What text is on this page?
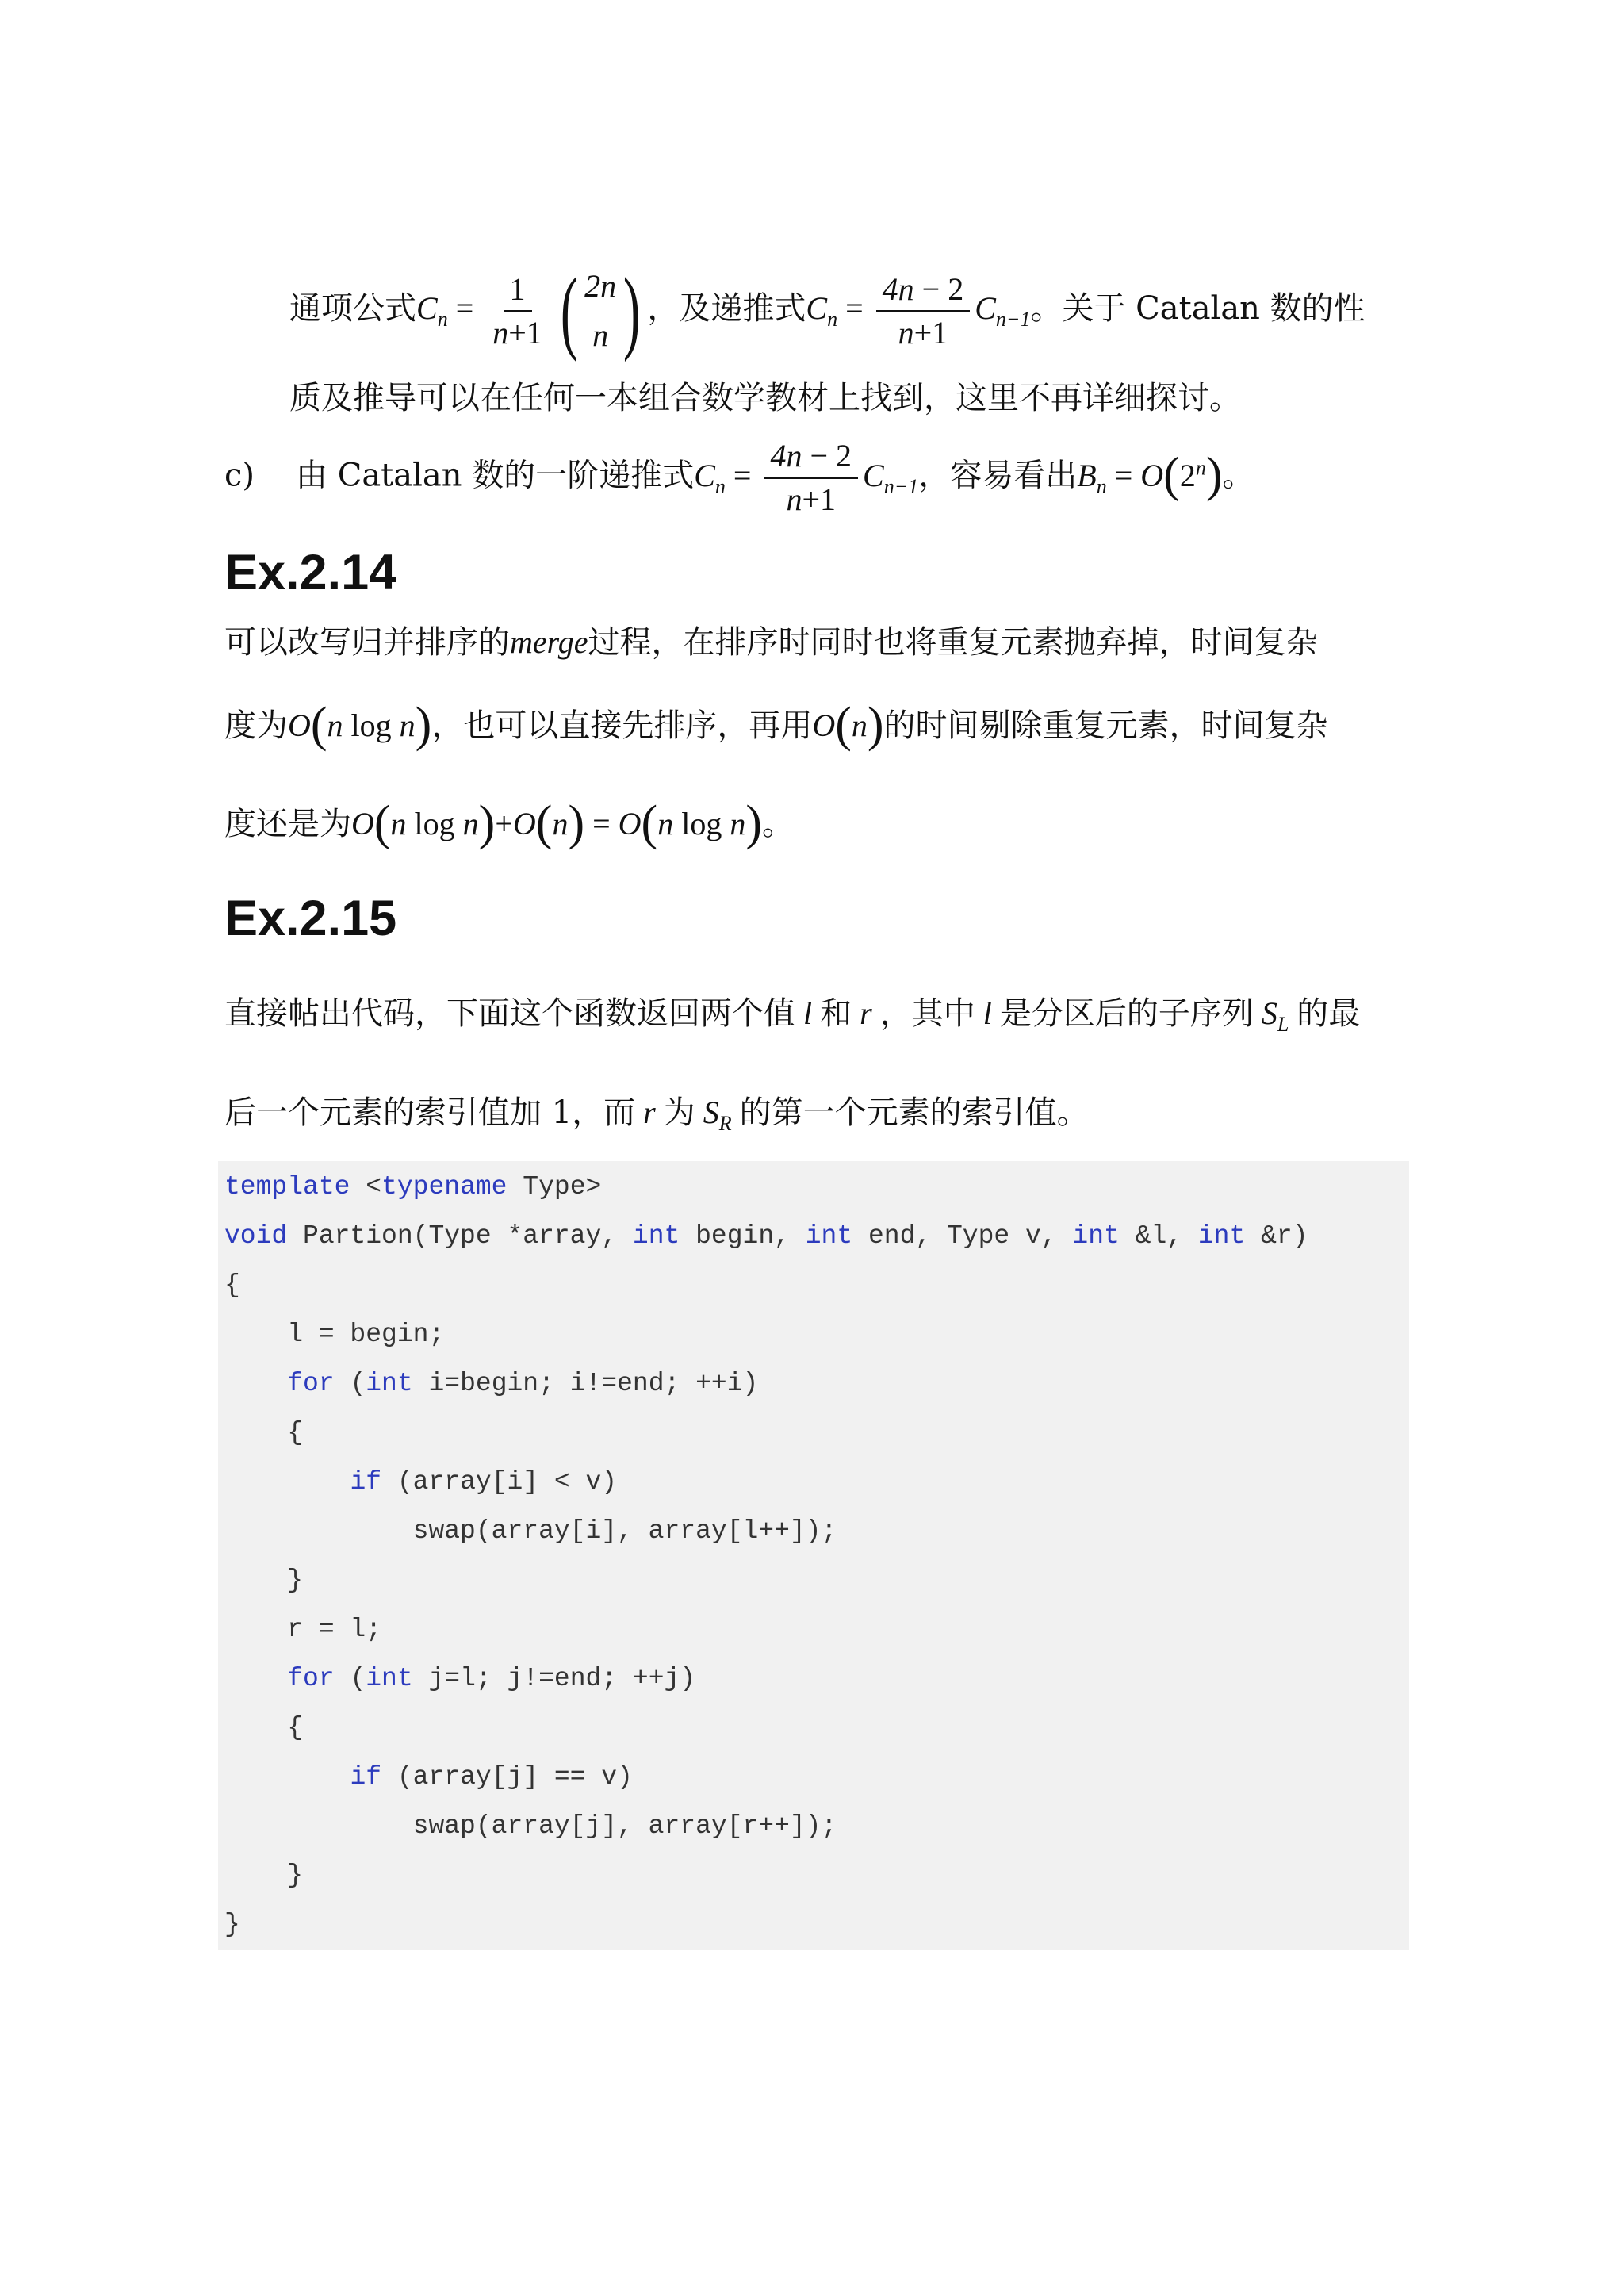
通项公式$C_n = \frac{1}{n+1}$ ( 2n
n ) ，及递推式$C_n = \frac{4n - 2}{n+1} C_{n-1}$。关于 Catalan 数的性
质及推导可以在任何一本组合数学教材上找到，这里不再详细探讨。
c) 由 Catalan 数的一阶递推式$C_n = \frac{4n - 2}{n+1} C_{n-1}$，容易看出$B_n = O(2^n)$。
Ex.2.14
可以改写归并排序的merge过程，在排序时同时也将重复元素抛弃掉，时间复杂
度为O(n log n)，也可以直接先排序，再用O(n)的时间剔除重复元素，时间复杂
度还是为O(n log n)+O(n) = O(n log n)。
Ex.2.15
直接帖出代码，下面这个函数返回两个值 l 和 r ，其中 l 是分区后的子序列 $S_L$ 的最
后一个元素的索引值加 1，而 r 为 $S_R$ 的第一个元素的索引值。
template <typename Type>
void Partion(Type *array, int begin, int end, Type v, int &l, int &r)
{
l = begin;
for (int i=begin; i!=end; ++i)
{
if (array[i] < v)
swap(array[i], array[l++]);
}
r = l;
for (int j=l; j!=end; ++j)
{
if (array[j] == v)
swap(array[j], array[r++]);
}
}
